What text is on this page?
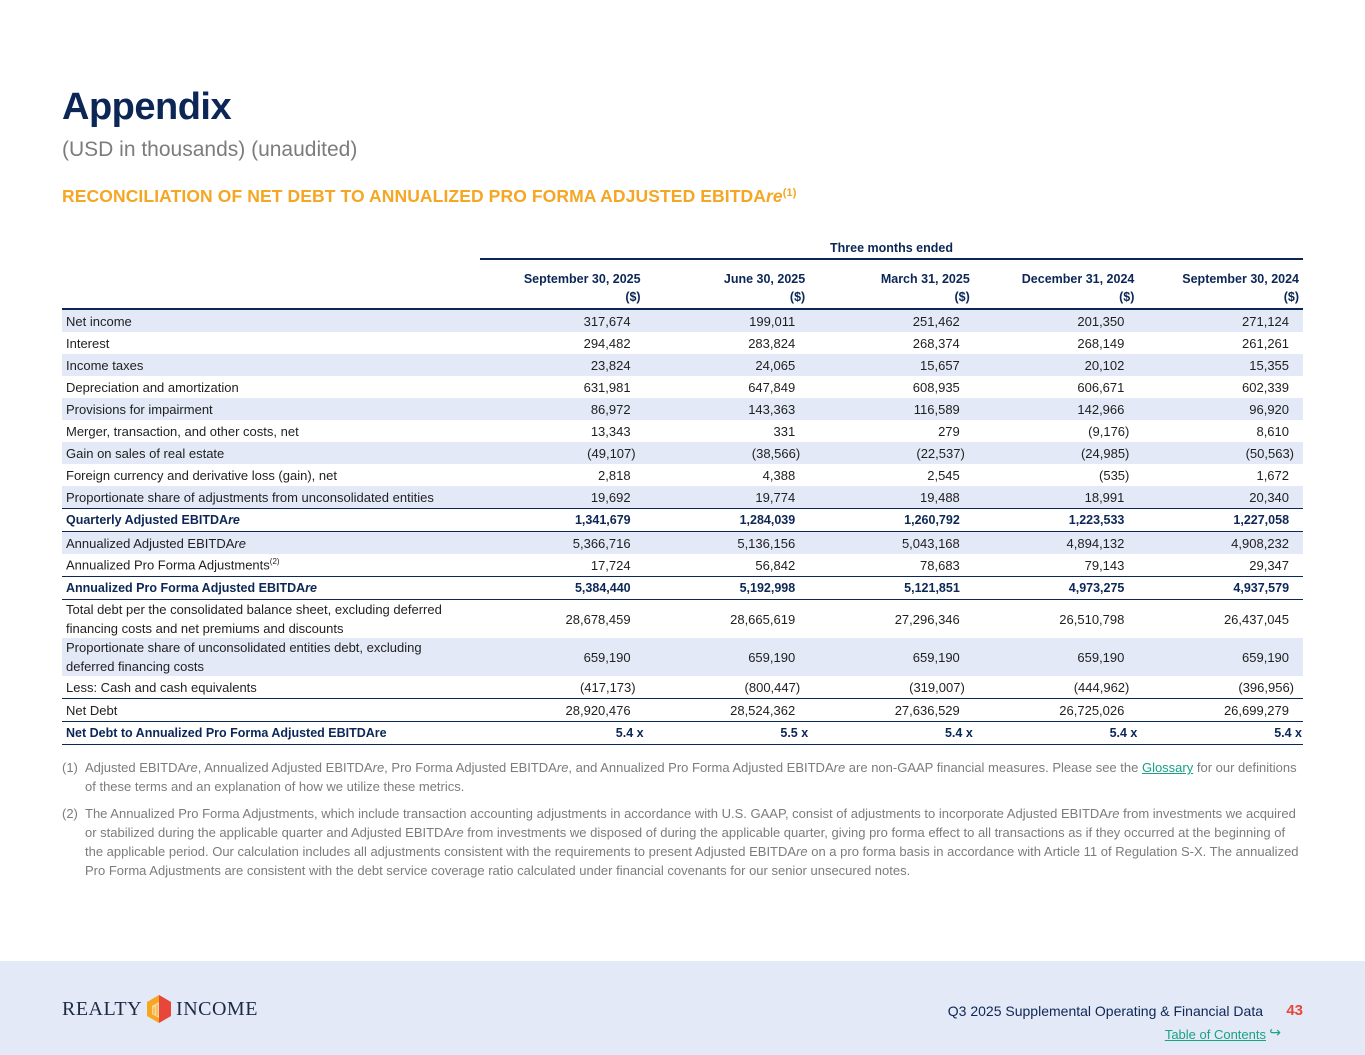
Appendix
(USD in thousands) (unaudited)
RECONCILIATION OF NET DEBT TO ANNUALIZED PRO FORMA ADJUSTED EBITDAre$^{(1)}$
	Three months ended				
	September 30, 2025	June 30, 2025	March 31, 2025	December 31, 2024	September 30, 2024
	($)	($)	($)	($)	($)
Net income	317,674	199,011	251,462	201,350	271,124
Interest	294,482	283,824	268,374	268,149	261,261
Income taxes	23,824	24,065	15,657	20,102	15,355
Depreciation and amortization	631,981	647,849	608,935	606,671	602,339
Provisions for impairment	86,972	143,363	116,589	142,966	96,920
Merger, transaction, and other costs, net	13,343	331	279	(9,176)	8,610
Gain on sales of real estate	(49,107)	(38,566)	(22,537)	(24,985)	(50,563)
Foreign currency and derivative loss (gain), net	2,818	4,388	2,545	(535)	1,672
Proportionate share of adjustments from unconsolidated entities	19,692	19,774	19,488	18,991	20,340
Quarterly Adjusted EBITDAre	1,341,679	1,284,039	1,260,792	1,223,533	1,227,058
Annualized Adjusted EBITDAre	5,366,716	5,136,156	5,043,168	4,894,132	4,908,232
Annualized Pro Forma Adjustments$^{(2)}$	17,724	56,842	78,683	79,143	29,347
Annualized Pro Forma Adjusted EBITDAre	5,384,440	5,192,998	5,121,851	4,973,275	4,937,579
Total debt per the consolidated balance sheet, excluding deferred financing costs and net premiums and discounts	28,678,459	28,665,619	27,296,346	26,510,798	26,437,045
Proportionate share of unconsolidated entities debt, excluding deferred financing costs	659,190	659,190	659,190	659,190	659,190
Less: Cash and cash equivalents	(417,173)	(800,447)	(319,007)	(444,962)	(396,956)
Net Debt	28,920,476	28,524,362	27,636,529	26,725,026	26,699,279
Net Debt to Annualized Pro Forma Adjusted EBITDAre	5.4 x	5.5 x	5.4 x	5.4 x	5.4 x
(1) Adjusted EBITDAre, Annualized Adjusted EBITDAre, Pro Forma Adjusted EBITDAre, and Annualized Pro Forma Adjusted EBITDAre are non-GAAP financial measures. Please see the Glossary for our definitions of these terms and an explanation of how we utilize these metrics.
(2) The Annualized Pro Forma Adjustments, which include transaction accounting adjustments in accordance with U.S. GAAP, consist of adjustments to incorporate Adjusted EBITDAre from investments we acquired or stabilized during the applicable quarter and Adjusted EBITDAre from investments we disposed of during the applicable quarter, giving pro forma effect to all transactions as if they occurred at the beginning of the applicable period. Our calculation includes all adjustments consistent with the requirements to present Adjusted EBITDAre on a pro forma basis in accordance with Article 11 of Regulation S-X. The annualized Pro Forma Adjustments are consistent with the debt service coverage ratio calculated under financial covenants for our senior unsecured notes.
REALTY INCOME	Q3 2025 Supplemental Operating & Financial Data 43
Table of Contents ↪
